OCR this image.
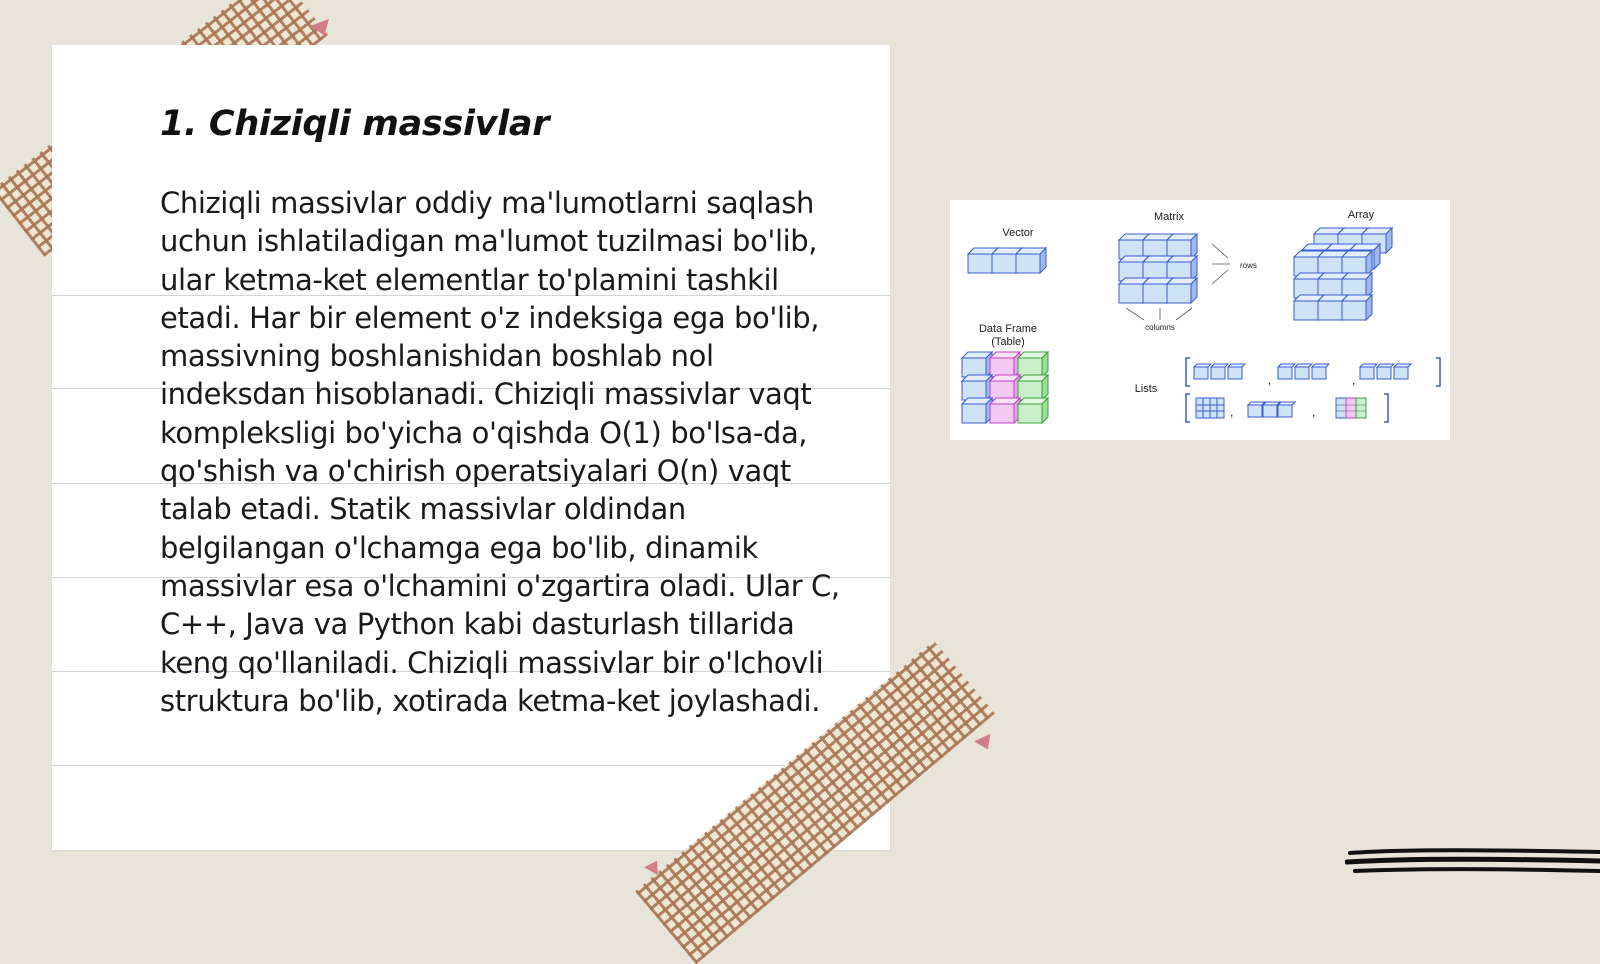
1. Chiziqli massivlar

Chiziqli massivlar oddiy ma'lumotlarni saqlash uchun ishlatiladigan ma'lumot tuzilmasi bo'lib, ular ketma-ket elementlar to'plamini tashkil etadi. Har bir element o'z indeksiga ega bo'lib, massivning boshlanishidan boshlab nol indeksdan hisoblanadi. Chiziqli massivlar vaqt kompleksligi bo'yicha o'qishda O(1) bo'lsa-da, qo'shish va o'chirish operatsiyalari O(n) vaqt talab etadi. Statik massivlar oldindan belgilangan o'lchamga ega bo'lib, dinamik massivlar esa o'lchamini o'zgartira oladi. Ular C, C++, Java va Python kabi dasturlash tillarida keng qo'llaniladi. Chiziqli massivlar bir o'lchovli struktura bo'lib, xotirada ketma-ket joylashadi.

Vector
Matrix
rows
columns
Array
Data Frame
(Table)
Lists
,	,
,	,
